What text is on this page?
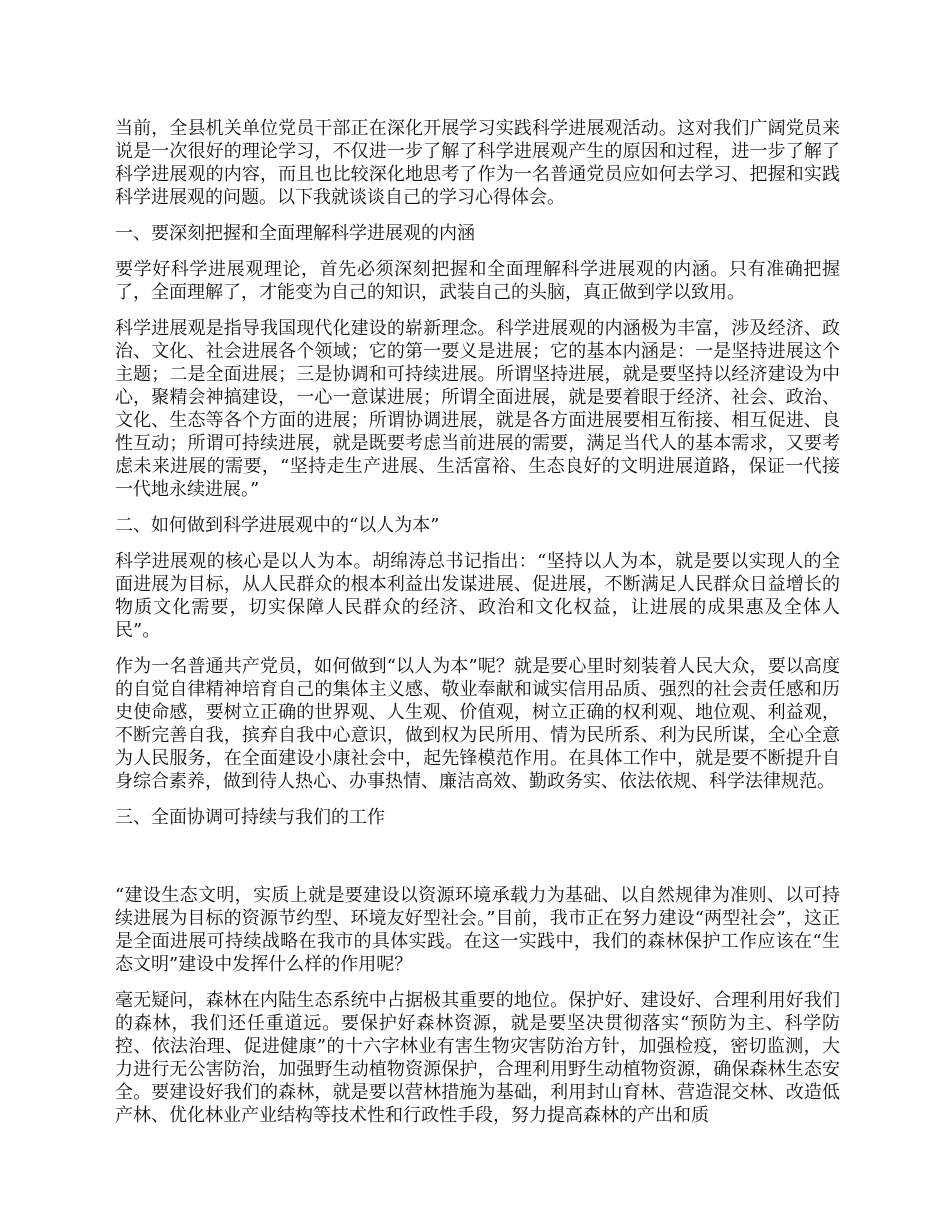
当前，全县机关单位党员干部正在深化开展学习实践科学进展观活动。这对我们广阔党员来说是一次很好的理论学习，不仅进一步了解了科学进展观产生的原因和过程，进一步了解了科学进展观的内容，而且也比较深化地思考了作为一名普通党员应如何去学习、把握和实践科学进展观的问题。以下我就谈谈自己的学习心得体会。

一、要深刻把握和全面理解科学进展观的内涵

要学好科学进展观理论，首先必须深刻把握和全面理解科学进展观的内涵。只有准确把握了，全面理解了，才能变为自己的知识，武装自己的头脑，真正做到学以致用。

科学进展观是指导我国现代化建设的崭新理念。科学进展观的内涵极为丰富，涉及经济、政治、文化、社会进展各个领域；它的第一要义是进展；它的基本内涵是：一是坚持进展这个主题；二是全面进展；三是协调和可持续进展。所谓坚持进展，就是要坚持以经济建设为中心，聚精会神搞建设，一心一意谋进展；所谓全面进展，就是要着眼于经济、社会、政治、文化、生态等各个方面的进展；所谓协调进展，就是各方面进展要相互衔接、相互促进、良性互动；所谓可持续进展，就是既要考虑当前进展的需要，满足当代人的基本需求，又要考虑未来进展的需要，“坚持走生产进展、生活富裕、生态良好的文明进展道路，保证一代接一代地永续进展。”

二、如何做到科学进展观中的“以人为本”

科学进展观的核心是以人为本。胡绵涛总书记指出：“坚持以人为本，就是要以实现人的全面进展为目标，从人民群众的根本利益出发谋进展、促进展，不断满足人民群众日益增长的物质文化需要，切实保障人民群众的经济、政治和文化权益，让进展的成果惠及全体人民”。

作为一名普通共产党员，如何做到“以人为本”呢？就是要心里时刻装着人民大众，要以高度的自觉自律精神培育自己的集体主义感、敬业奉献和诚实信用品质、强烈的社会责任感和历史使命感，要树立正确的世界观、人生观、价值观，树立正确的权利观、地位观、利益观，不断完善自我，摈弃自我中心意识，做到权为民所用、情为民所系、利为民所谋，全心全意为人民服务，在全面建设小康社会中，起先锋模范作用。在具体工作中，就是要不断提升自身综合素养，做到待人热心、办事热情、廉洁高效、勤政务实、依法依规、科学法律规范。

三、全面协调可持续与我们的工作

“建设生态文明，实质上就是要建设以资源环境承载力为基础、以自然规律为准则、以可持续进展为目标的资源节约型、环境友好型社会。”目前，我市正在努力建设“两型社会”，这正是全面进展可持续战略在我市的具体实践。在这一实践中，我们的森林保护工作应该在“生态文明”建设中发挥什么样的作用呢？

毫无疑问，森林在内陆生态系统中占据极其重要的地位。保护好、建设好、合理利用好我们的森林，我们还任重道远。要保护好森林资源，就是要坚决贯彻落实“预防为主、科学防控、依法治理、促进健康”的十六字林业有害生物灾害防治方针，加强检疫，密切监测，大力进行无公害防治，加强野生动植物资源保护，合理利用野生动植物资源，确保森林生态安全。要建设好我们的森林，就是要以营林措施为基础，利用封山育林、营造混交林、改造低产林、优化林业产业结构等技术性和行政性手段，努力提高森林的产出和质
